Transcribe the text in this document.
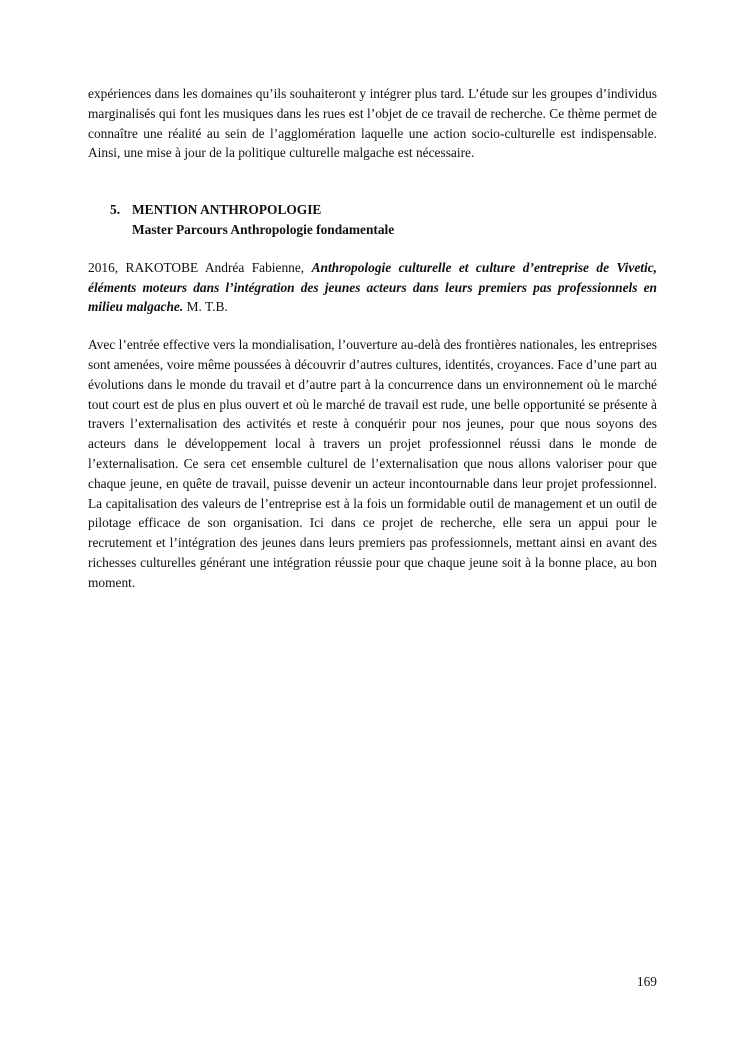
expériences dans les domaines qu’ils souhaiteront y intégrer plus tard. L’étude sur les groupes d’individus marginalisés qui font les musiques dans les rues est l’objet de ce travail de recherche. Ce thème permet de connaître une réalité au sein de l’agglomération laquelle une action socio-culturelle est indispensable. Ainsi, une mise à jour de la politique culturelle malgache est nécessaire.

5. MENTION ANTHROPOLOGIE
Master Parcours Anthropologie fondamentale

2016, RAKOTOBE Andréa Fabienne, Anthropologie culturelle et culture d’entreprise de Vivetic, éléments moteurs dans l’intégration des jeunes acteurs dans leurs premiers pas professionnels en milieu malgache. M. T.B.

Avec l’entrée effective vers la mondialisation, l’ouverture au-delà des frontières nationales, les entreprises sont amenées, voire même poussées à découvrir d’autres cultures, identités, croyances. Face d’une part au évolutions dans le monde du travail et d’autre part à la concurrence dans un environnement où le marché tout court est de plus en plus ouvert et où le marché de travail est rude, une belle opportunité se présente à travers l’externalisation des activités et reste à conquérir pour nos jeunes, pour que nous soyons des acteurs dans le développement local à travers un projet professionnel réussi dans le monde de l’externalisation. Ce sera cet ensemble culturel de l’externalisation que nous allons valoriser pour que chaque jeune, en quête de travail, puisse devenir un acteur incontournable dans leur projet professionnel. La capitalisation des valeurs de l’entreprise est à la fois un formidable outil de management et un outil de pilotage efficace de son organisation. Ici dans ce projet de recherche, elle sera un appui pour le recrutement et l’intégration des jeunes dans leurs premiers pas professionnels, mettant ainsi en avant des richesses culturelles générant une intégration réussie pour que chaque jeune soit à la bonne place, au bon moment.

169
